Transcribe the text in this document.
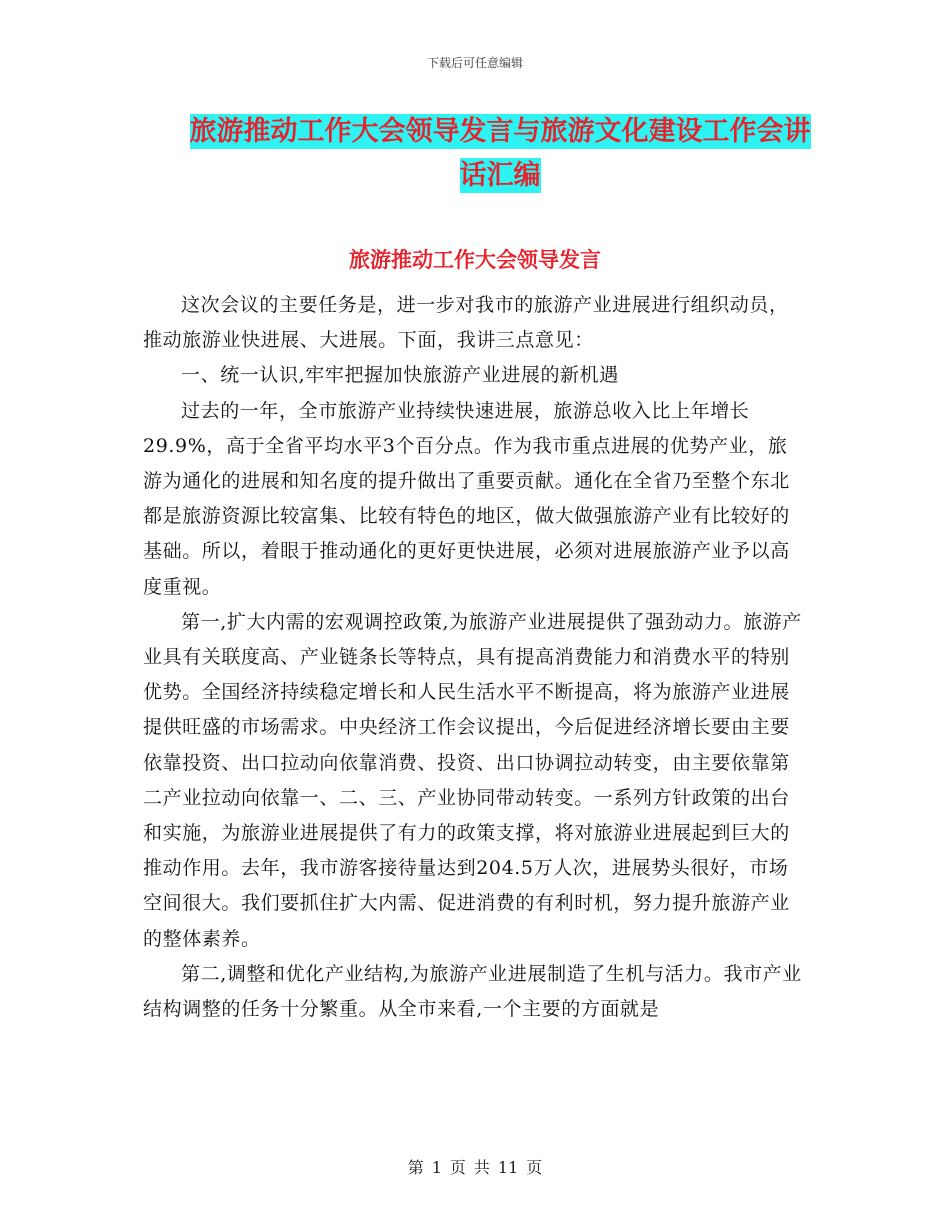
下载后可任意编辑
旅游推动工作大会领导发言与旅游文化建设工作会讲话汇编
旅游推动工作大会领导发言

这次会议的主要任务是，进一步对我市的旅游产业进展进行组织动员，推动旅游业快进展、大进展。下面，我讲三点意见：

一、统一认识,牢牢把握加快旅游产业进展的新机遇

过去的一年，全市旅游产业持续快速进展，旅游总收入比上年增长29.9%，高于全省平均水平3个百分点。作为我市重点进展的优势产业，旅游为通化的进展和知名度的提升做出了重要贡献。通化在全省乃至整个东北都是旅游资源比较富集、比较有特色的地区，做大做强旅游产业有比较好的基础。所以，着眼于推动通化的更好更快进展，必须对进展旅游产业予以高度重视。

第一,扩大内需的宏观调控政策,为旅游产业进展提供了强劲动力。旅游产业具有关联度高、产业链条长等特点，具有提高消费能力和消费水平的特别优势。全国经济持续稳定增长和人民生活水平不断提高，将为旅游产业进展提供旺盛的市场需求。中央经济工作会议提出，今后促进经济增长要由主要依靠投资、出口拉动向依靠消费、投资、出口协调拉动转变，由主要依靠第二产业拉动向依靠一、二、三、产业协同带动转变。一系列方针政策的出台和实施，为旅游业进展提供了有力的政策支撑，将对旅游业进展起到巨大的推动作用。去年，我市游客接待量达到204.5万人次，进展势头很好，市场空间很大。我们要抓住扩大内需、促进消费的有利时机，努力提升旅游产业的整体素养。

第二,调整和优化产业结构,为旅游产业进展制造了生机与活力。我市产业结构调整的任务十分繁重。从全市来看,一个主要的方面就是

第 1 页 共 11 页
